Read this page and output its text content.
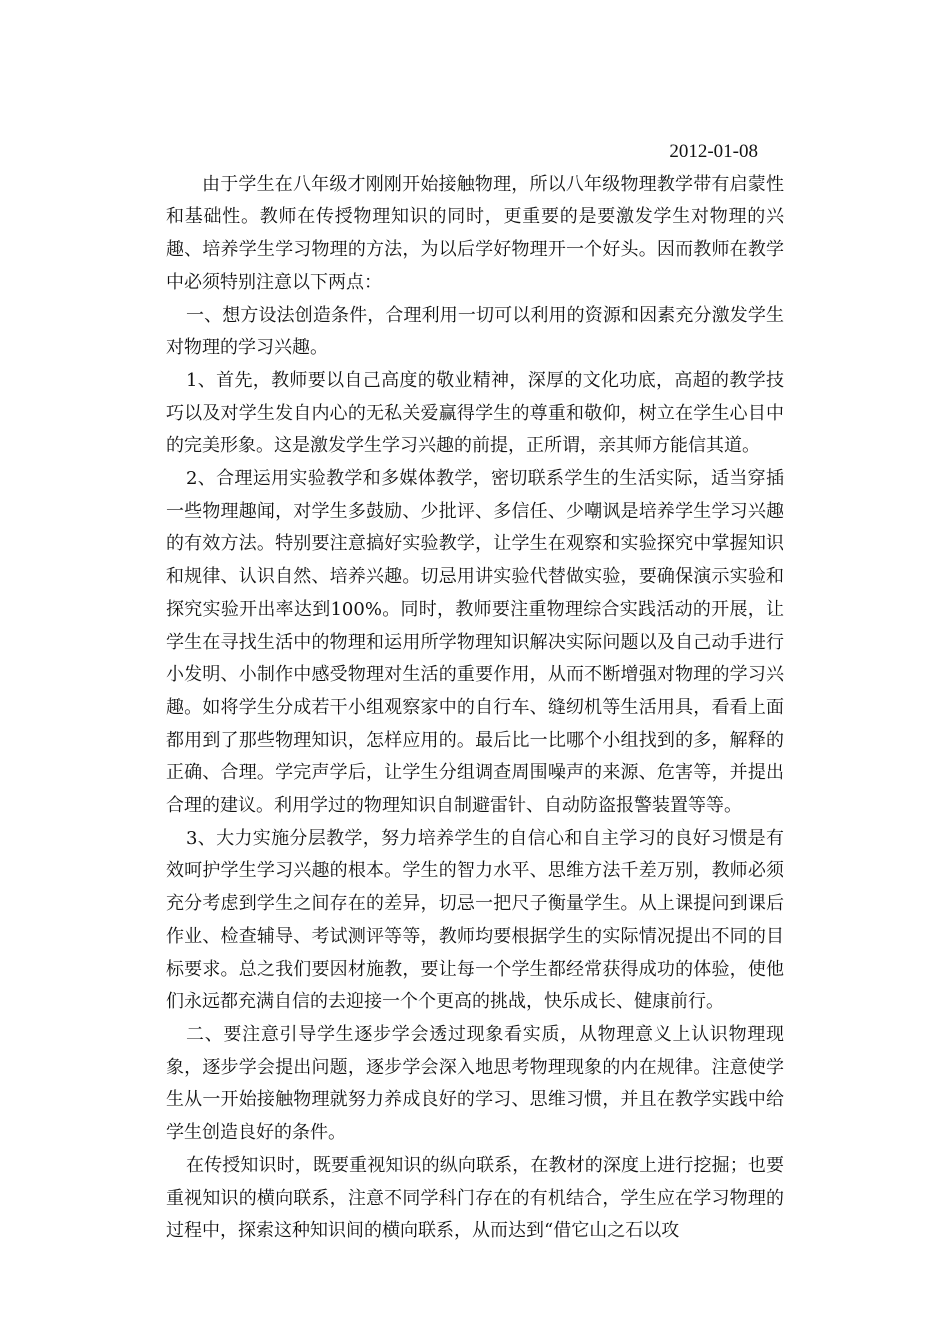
2012-01-08

由于学生在八年级才刚刚开始接触物理，所以八年级物理教学带有启蒙性和基础性。教师在传授物理知识的同时，更重要的是要激发学生对物理的兴趣、培养学生学习物理的方法，为以后学好物理开一个好头。因而教师在教学中必须特别注意以下两点：

一、想方设法创造条件，合理利用一切可以利用的资源和因素充分激发学生对物理的学习兴趣。

1、首先，教师要以自己高度的敬业精神，深厚的文化功底，高超的教学技巧以及对学生发自内心的无私关爱赢得学生的尊重和敬仰，树立在学生心目中的完美形象。这是激发学生学习兴趣的前提，正所谓，亲其师方能信其道。

2、合理运用实验教学和多媒体教学，密切联系学生的生活实际，适当穿插一些物理趣闻，对学生多鼓励、少批评、多信任、少嘲讽是培养学生学习兴趣的有效方法。特别要注意搞好实验教学，让学生在观察和实验探究中掌握知识和规律、认识自然、培养兴趣。切忌用讲实验代替做实验，要确保演示实验和探究实验开出率达到100%。同时，教师要注重物理综合实践活动的开展，让学生在寻找生活中的物理和运用所学物理知识解决实际问题以及自己动手进行小发明、小制作中感受物理对生活的重要作用，从而不断增强对物理的学习兴趣。如将学生分成若干小组观察家中的自行车、缝纫机等生活用具，看看上面都用到了那些物理知识，怎样应用的。最后比一比哪个小组找到的多，解释的正确、合理。学完声学后，让学生分组调查周围噪声的来源、危害等，并提出合理的建议。利用学过的物理知识自制避雷针、自动防盗报警装置等等。

3、大力实施分层教学，努力培养学生的自信心和自主学习的良好习惯是有效呵护学生学习兴趣的根本。学生的智力水平、思维方法千差万别，教师必须充分考虑到学生之间存在的差异，切忌一把尺子衡量学生。从上课提问到课后作业、检查辅导、考试测评等等，教师均要根据学生的实际情况提出不同的目标要求。总之我们要因材施教，要让每一个学生都经常获得成功的体验，使他们永远都充满自信的去迎接一个个更高的挑战，快乐成长、健康前行。

二、要注意引导学生逐步学会透过现象看实质，从物理意义上认识物理现象，逐步学会提出问题，逐步学会深入地思考物理现象的内在规律。注意使学生从一开始接触物理就努力养成良好的学习、思维习惯，并且在教学实践中给学生创造良好的条件。

在传授知识时，既要重视知识的纵向联系，在教材的深度上进行挖掘；也要重视知识的横向联系，注意不同学科门存在的有机结合，学生应在学习物理的过程中，探索这种知识间的横向联系，从而达到“借它山之石以攻
